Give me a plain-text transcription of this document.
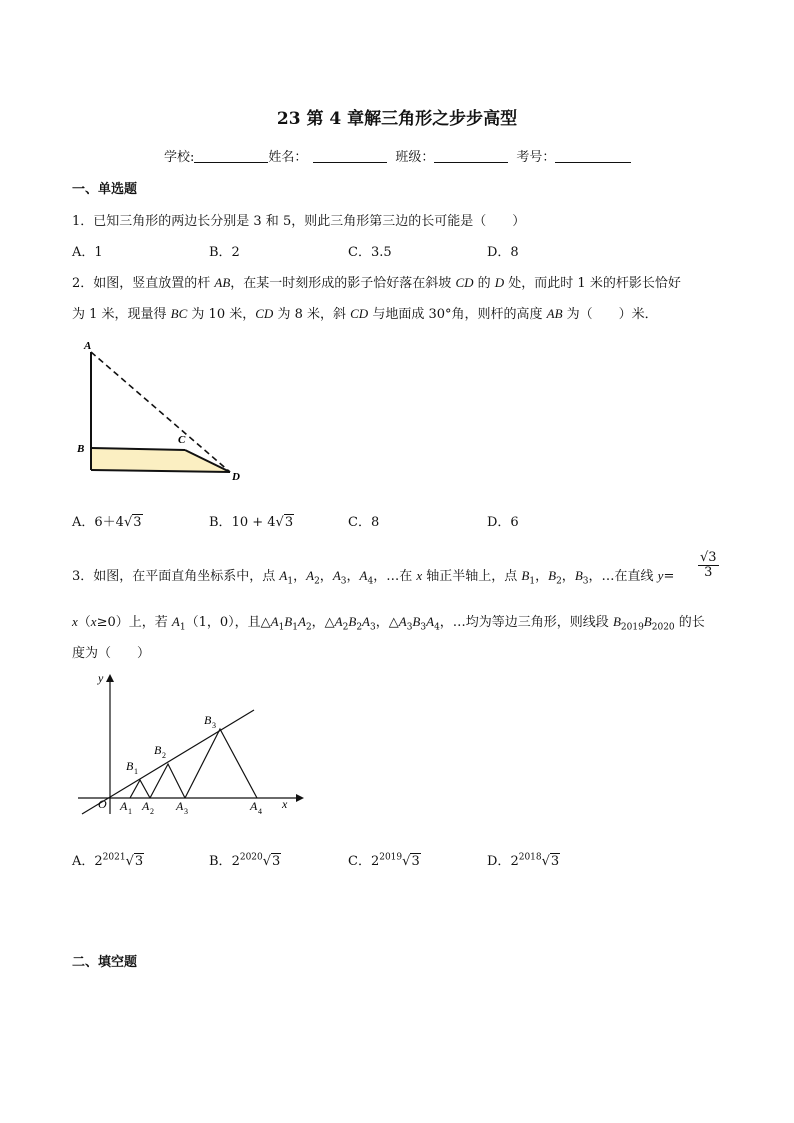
23 第 4 章解三角形之步步高型
学校:	姓名：	班级：	考号：
一、单选题
1．已知三角形的两边长分别是 3 和 5，则此三角形第三边的长可能是（　　）
A．1	B．2	C．3.5	D．8
2．如图，竖直放置的杆 AB，在某一时刻形成的影子恰好落在斜坡 CD 的 D 处，而此时 1 米的杆影长恰好
为 1 米，现量得 BC 为 10 米，CD 为 8 米，斜 CD 与地面成 30°角，则杆的高度 AB 为（　　）米．
A
B
C
D
A．6＋4√3	B．10 + 4√3	C．8	D．6
3．如图，在平面直角坐标系中，点 $A_1$，$A_2$，$A_3$，$A_4$，…在 x 轴正半轴上，点 $B_1$，$B_2$，$B_3$，…在直线 $y= \frac{√3}{3}$
x（x≥0）上，若 $A_1(1$，0），且$\triangle A_1B_1A_2$，$\triangle A_2B_2A_3$，$\triangle A_3B_3A_4$，…均为等边三角形，则线段 $B_{2019}B_{2020}$ 的长
度为（　　）
y
x
O A 1 A 2 A 3	A 4
B 1
B 2
B 3
A．$2^{2021}√3$	B．$2^{2020}√3$	C．$2^{2019}√3$	D．$2^{2018}√3$
二、填空题
